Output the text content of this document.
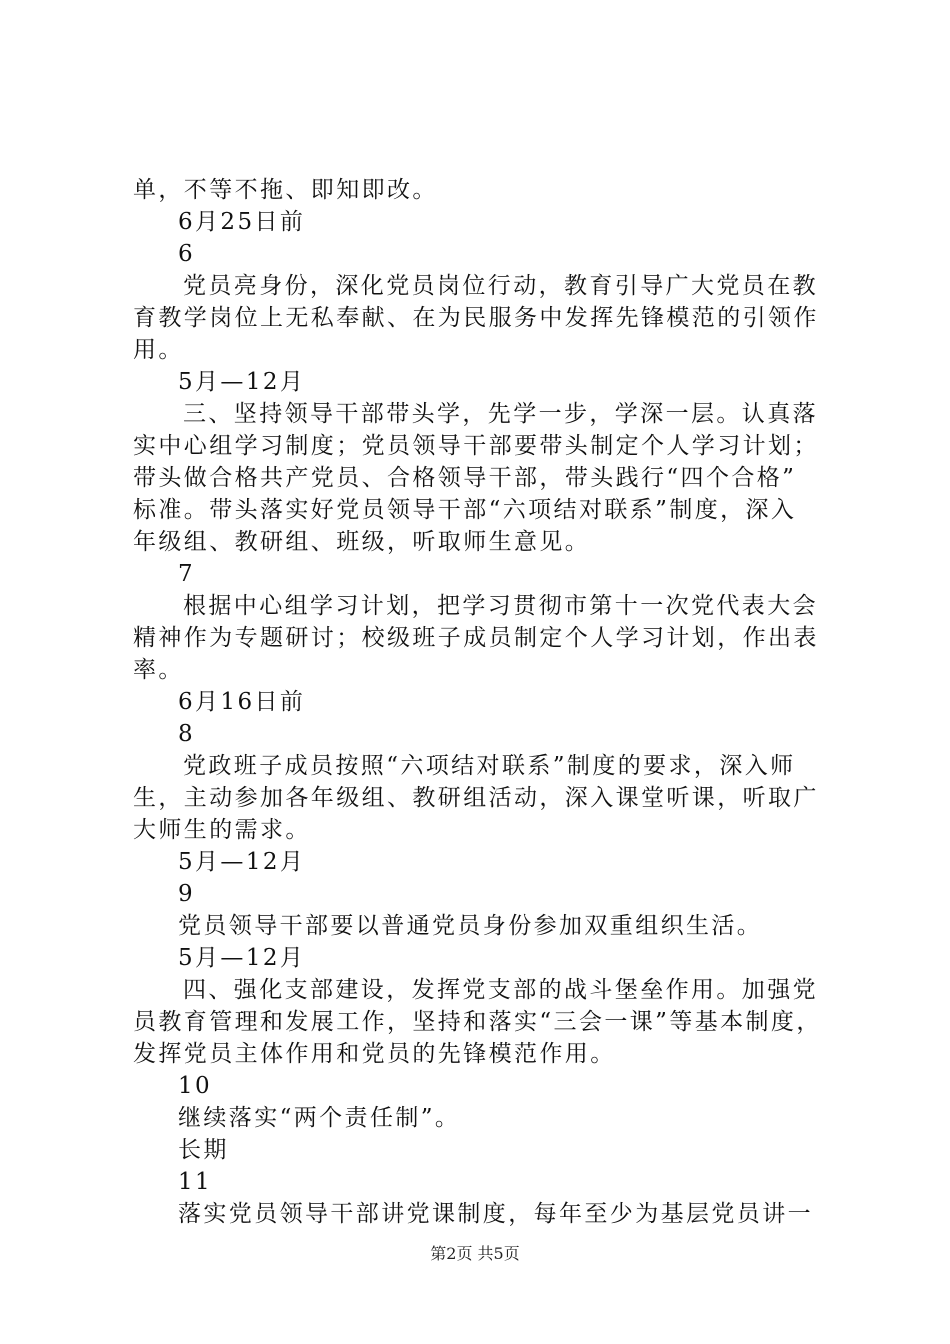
单，不等不拖、即知即改。
6月25日前
6
党员亮身份，深化党员岗位行动，教育引导广大党员在教
育教学岗位上无私奉献、在为民服务中发挥先锋模范的引领作
用。
5月—12月
三、坚持领导干部带头学，先学一步，学深一层。认真落
实中心组学习制度；党员领导干部要带头制定个人学习计划；
带头做合格共产党员、合格领导干部，带头践行“四个合格”
标准。带头落实好党员领导干部“六项结对联系”制度，深入
年级组、教研组、班级，听取师生意见。
7
根据中心组学习计划，把学习贯彻市第十一次党代表大会
精神作为专题研讨；校级班子成员制定个人学习计划，作出表
率。
6月16日前
8
党政班子成员按照“六项结对联系”制度的要求，深入师
生，主动参加各年级组、教研组活动，深入课堂听课，听取广
大师生的需求。
5月—12月
9
党员领导干部要以普通党员身份参加双重组织生活。
5月—12月
四、强化支部建设，发挥党支部的战斗堡垒作用。加强党
员教育管理和发展工作，坚持和落实“三会一课”等基本制度，
发挥党员主体作用和党员的先锋模范作用。
10
继续落实“两个责任制”。
长期
11
落实党员领导干部讲党课制度，每年至少为基层党员讲一
第2页 共5页
